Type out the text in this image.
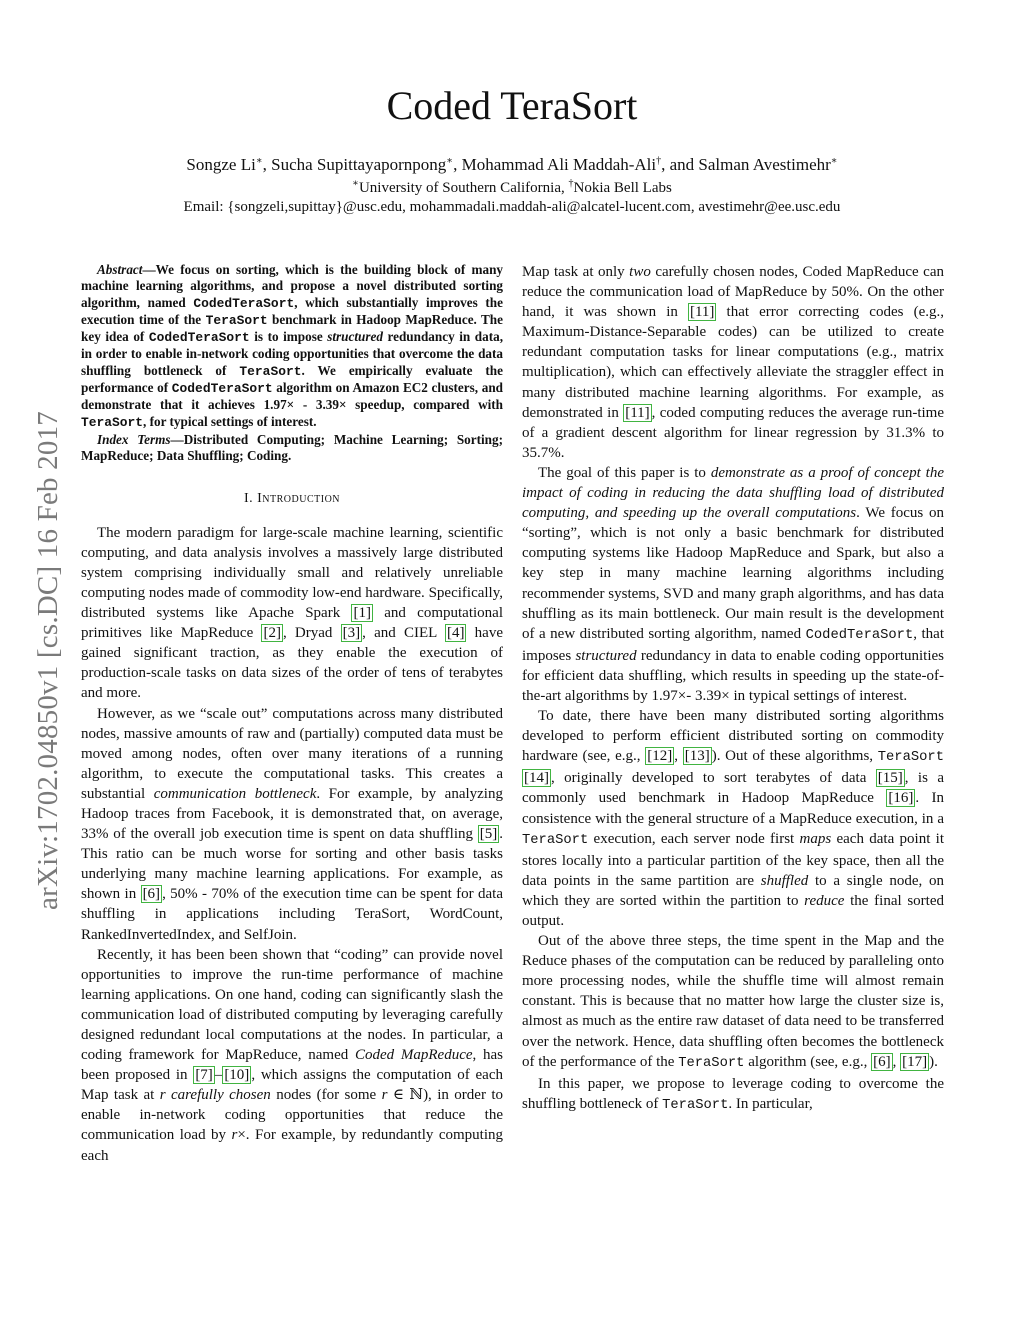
arXiv:1702.04850v1 [cs.DC] 16 Feb 2017
Coded TeraSort
Songze Li∗, Sucha Supittayapornpong∗, Mohammad Ali Maddah-Ali†, and Salman Avestimehr∗
∗University of Southern California, †Nokia Bell Labs
Email: {songzeli,supittay}@usc.edu, mohammadali.maddah-ali@alcatel-lucent.com, avestimehr@ee.usc.edu

Abstract—We focus on sorting, which is the building block of many machine learning algorithms, and propose a novel distributed sorting algorithm, named CodedTeraSort, which substantially improves the execution time of the TeraSort benchmark in Hadoop MapReduce. The key idea of CodedTeraSort is to impose structured redundancy in data, in order to enable in-network coding opportunities that overcome the data shuffling bottleneck of TeraSort. We empirically evaluate the performance of CodedTeraSort algorithm on Amazon EC2 clusters, and demonstrate that it achieves 1.97× - 3.39× speedup, compared with TeraSort, for typical settings of interest.

Index Terms—Distributed Computing; Machine Learning; Sorting; MapReduce; Data Shuffling; Coding.

I. Introduction

The modern paradigm for large-scale machine learning, scientific computing, and data analysis involves a massively large distributed system comprising individually small and relatively unreliable computing nodes made of commodity low-end hardware. Specifically, distributed systems like Apache Spark [1] and computational primitives like MapReduce [2] , Dryad [3] , and CIEL [4] have gained significant traction, as they enable the execution of production-scale tasks on data sizes of the order of tens of terabytes and more.

However, as we “scale out” computations across many distributed nodes, massive amounts of raw and (partially) computed data must be moved among nodes, often over many iterations of a running algorithm, to execute the computational tasks. This creates a substantial communication bottleneck. For example, by analyzing Hadoop traces from Facebook, it is demonstrated that, on average, 33% of the overall job execution time is spent on data shuffling [5] . This ratio can be much worse for sorting and other basis tasks underlying many machine learning applications. For example, as shown in [6] , 50% - 70% of the execution time can be spent for data shuffling in applications including TeraSort, WordCount, RankedInvertedIndex, and SelfJoin.

Recently, it has been been shown that “coding” can provide novel opportunities to improve the run-time performance of machine learning applications. On one hand, coding can significantly slash the communication load of distributed computing by leveraging carefully designed redundant local computations at the nodes. In particular, a coding framework for MapReduce, named Coded MapReduce, has been proposed in [7] – [10] , which assigns the computation of each Map task at r carefully chosen nodes (for some r ∈ ℕ), in order to enable in-network coding opportunities that reduce the communication load by r×. For example, by redundantly computing each

Map task at only two carefully chosen nodes, Coded MapReduce can reduce the communication load of MapReduce by 50%. On the other hand, it was shown in [11] that error correcting codes (e.g., Maximum-Distance-Separable codes) can be utilized to create redundant computation tasks for linear computations (e.g., matrix multiplication), which can effectively alleviate the straggler effect in many distributed machine learning algorithms. For example, as demonstrated in [11] , coded computing reduces the average run-time of a gradient descent algorithm for linear regression by 31.3% to 35.7%.

The goal of this paper is to demonstrate as a proof of concept the impact of coding in reducing the data shuffling load of distributed computing, and speeding up the overall computations. We focus on “sorting”, which is not only a basic benchmark for distributed computing systems like Hadoop MapReduce and Spark, but also a key step in many machine learning algorithms including recommender systems, SVD and many graph algorithms, and has data shuffling as its main bottleneck. Our main result is the development of a new distributed sorting algorithm, named CodedTeraSort, that imposes structured redundancy in data to enable coding opportunities for efficient data shuffling, which results in speeding up the state-of-the-art algorithms by 1.97×- 3.39× in typical settings of interest.

To date, there have been many distributed sorting algorithms developed to perform efficient distributed sorting on commodity hardware (see, e.g., [12] , [13] ). Out of these algorithms, TeraSort [14] , originally developed to sort terabytes of data [15] , is a commonly used benchmark in Hadoop MapReduce [16] . In consistence with the general structure of a MapReduce execution, in a TeraSort execution, each server node first maps each data point it stores locally into a particular partition of the key space, then all the data points in the same partition are shuffled to a single node, on which they are sorted within the partition to reduce the final sorted output.

Out of the above three steps, the time spent in the Map and the Reduce phases of the computation can be reduced by paralleling onto more processing nodes, while the shuffle time will almost remain constant. This is because that no matter how large the cluster size is, almost as much as the entire raw dataset of data need to be transferred over the network. Hence, data shuffling often becomes the bottleneck of the performance of the TeraSort algorithm (see, e.g., [6] , [17] ).

In this paper, we propose to leverage coding to overcome the shuffling bottleneck of TeraSort. In particular,
